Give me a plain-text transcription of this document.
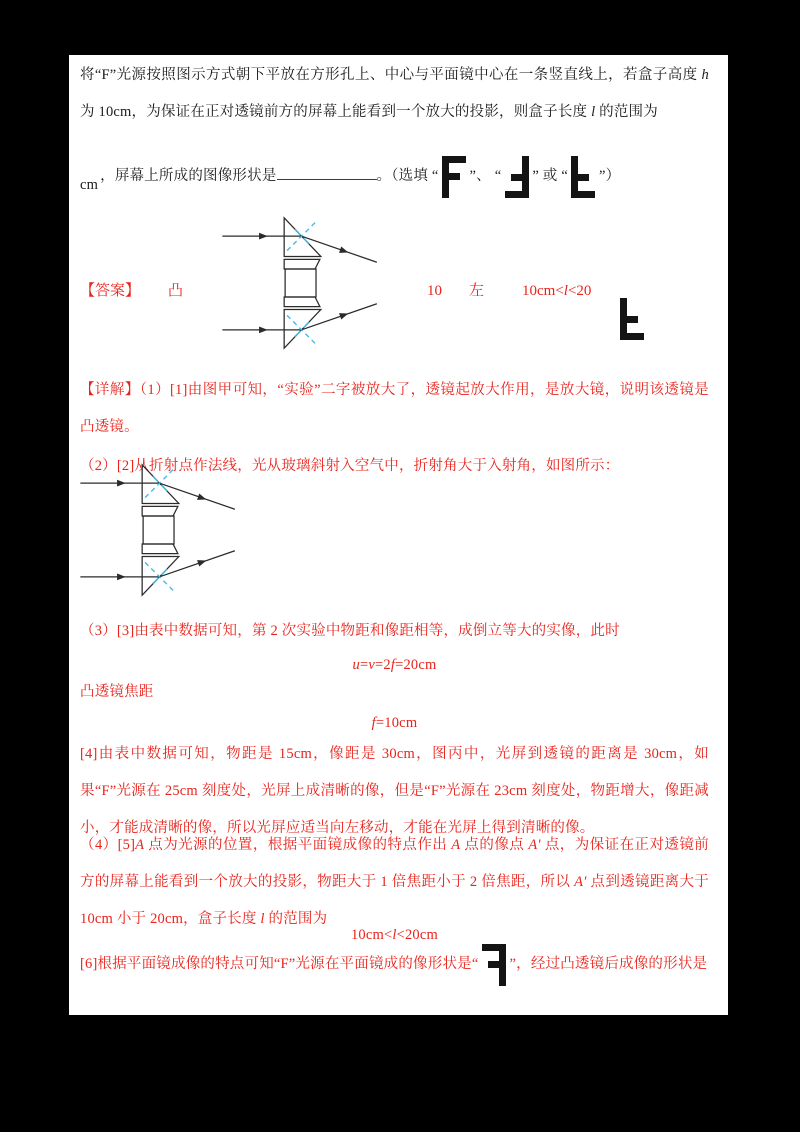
将“F”光源按照图示方式朝下平放在方形孔上、中心与平面镜中心在一条竖直线上，若盒子高度 h 为 10cm，为保证在正对透镜前方的屏幕上能看到一个放大的投影，则盒子长度 l 的范围为
cm，屏幕上所成的图像形状是	。（选填 “ ”、 “ ” 或 “ ”）
【答案】 凸	10 左	10cm<l<20
【详解】（1）[1]由图甲可知，“实验”二字被放大了，透镜起放大作用，是放大镜，说明该透镜是凸透镜。
（2）[2]从折射点作法线，光从玻璃斜射入空气中，折射角大于入射角，如图所示：
（3）[3]由表中数据可知，第 2 次实验中物距和像距相等，成倒立等大的实像，此时
u=v=2f=20cm
凸透镜焦距
f=10cm
[4]由表中数据可知，物距是 15cm，像距是 30cm，图丙中，光屏到透镜的距离是 30cm，如果“F”光源在 25cm 刻度处，光屏上成清晰的像，但是“F”光源在 23cm 刻度处，物距增大，像距减小，才能成清晰的像，所以光屏应适当向左移动，才能在光屏上得到清晰的像。
（4）[5]A 点为光源的位置，根据平面镜成像的特点作出 A 点的像点 A′ 点，为保证在正对透镜前方的屏幕上能看到一个放大的投影，物距大于 1 倍焦距小于 2 倍焦距，所以 A′ 点到透镜距离大于 10cm 小于 20cm，盒子长度 l 的范围为
10cm<l<20cm
[6]根据平面镜成像的特点可知“F”光源在平面镜成的像形状是“ ”，经过凸透镜后成像的形状是
